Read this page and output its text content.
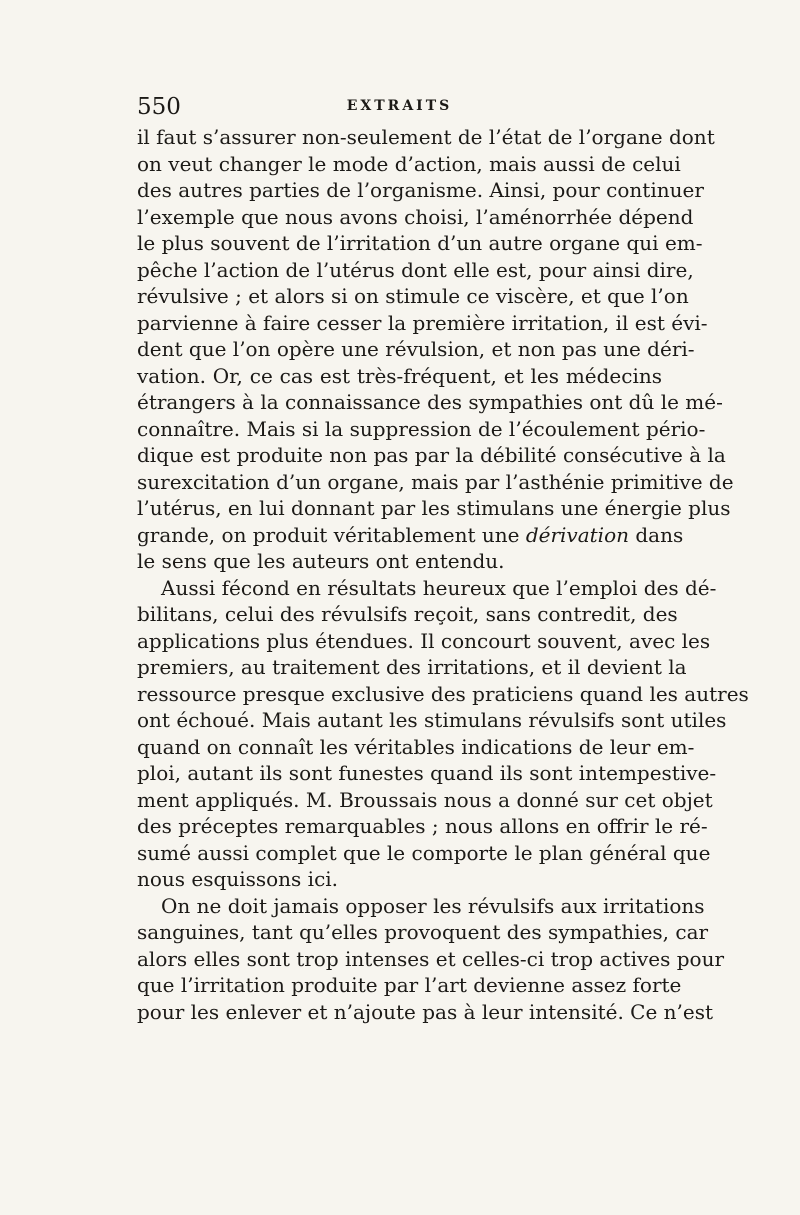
550	EXTRAITS
il faut s’assurer non-seulement de l’état de l’organe dont
on veut changer le mode d’action, mais aussi de celui
des autres parties de l’organisme. Ainsi, pour continuer
l’exemple que nous avons choisi, l’aménorrhée dépend
le plus souvent de l’irritation d’un autre organe qui em-
pêche l’action de l’utérus dont elle est, pour ainsi dire,
révulsive ; et alors si on stimule ce viscère, et que l’on
parvienne à faire cesser la première irritation, il est évi-
dent que l’on opère une révulsion, et non pas une déri-
vation. Or, ce cas est très-fréquent, et les médecins
étrangers à la connaissance des sympathies ont dû le mé-
connaître. Mais si la suppression de l’écoulement pério-
dique est produite non pas par la débilité consécutive à la
surexcitation d’un organe, mais par l’asthénie primitive de
l’utérus, en lui donnant par les stimulans une énergie plus
grande, on produit véritablement une dérivation dans
le sens que les auteurs ont entendu.
Aussi fécond en résultats heureux que l’emploi des dé-
bilitans, celui des révulsifs reçoit, sans contredit, des
applications plus étendues. Il concourt souvent, avec les
premiers, au traitement des irritations, et il devient la
ressource presque exclusive des praticiens quand les autres
ont échoué. Mais autant les stimulans révulsifs sont utiles
quand on connaît les véritables indications de leur em-
ploi, autant ils sont funestes quand ils sont intempestive-
ment appliqués. M. Broussais nous a donné sur cet objet
des préceptes remarquables ; nous allons en offrir le ré-
sumé aussi complet que le comporte le plan général que
nous esquissons ici.
On ne doit jamais opposer les révulsifs aux irritations
sanguines, tant qu’elles provoquent des sympathies, car
alors elles sont trop intenses et celles-ci trop actives pour
que l’irritation produite par l’art devienne assez forte
pour les enlever et n’ajoute pas à leur intensité. Ce n’est
